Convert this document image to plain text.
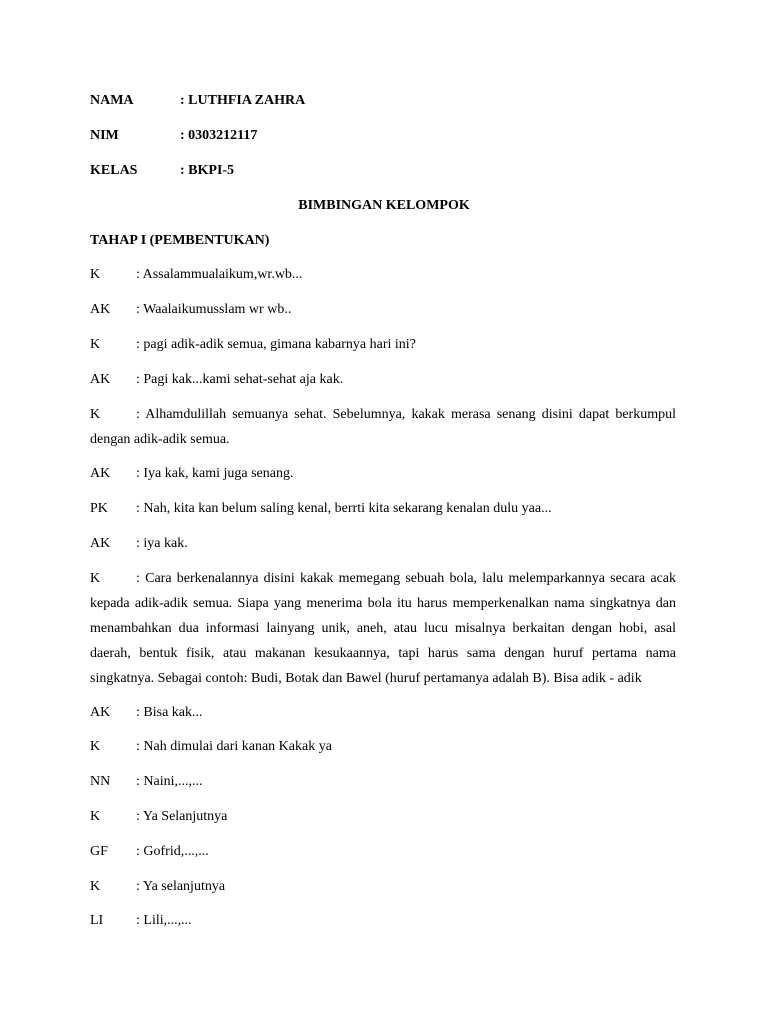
NAMA	: LUTHFIA ZAHRA
NIM	: 0303212117
KELAS	: BKPI-5
BIMBINGAN KELOMPOK
TAHAP I (PEMBENTUKAN)
K	: Assalammualaikum,wr.wb...
AK : Waalaikumusslam wr wb..
K	: pagi adik-adik semua, gimana kabarnya hari ini?
AK : Pagi kak...kami sehat-sehat aja kak.
K	: Alhamdulillah semuanya sehat. Sebelumnya, kakak merasa senang disini dapat berkumpul dengan adik-adik semua.
AK : Iya kak, kami juga senang.
PK : Nah, kita kan belum saling kenal, berrti kita sekarang kenalan dulu yaa...
AK : iya kak.
K	: Cara berkenalannya disini kakak memegang sebuah bola, lalu melemparkannya secara acak kepada adik-adik semua. Siapa yang menerima bola itu harus memperkenalkan nama singkatnya dan menambahkan dua informasi lainyang unik, aneh, atau lucu misalnya berkaitan dengan hobi, asal daerah, bentuk fisik, atau makanan kesukaannya, tapi harus sama dengan huruf pertama nama singkatnya. Sebagai contoh: Budi, Botak dan Bawel (huruf pertamanya adalah B). Bisa adik - adik
AK : Bisa kak...
K	: Nah dimulai dari kanan Kakak ya
NN : Naini,...,...
K	: Ya Selanjutnya
GF : Gofrid,...,...
K	: Ya selanjutnya
LI : Lili,...,...
